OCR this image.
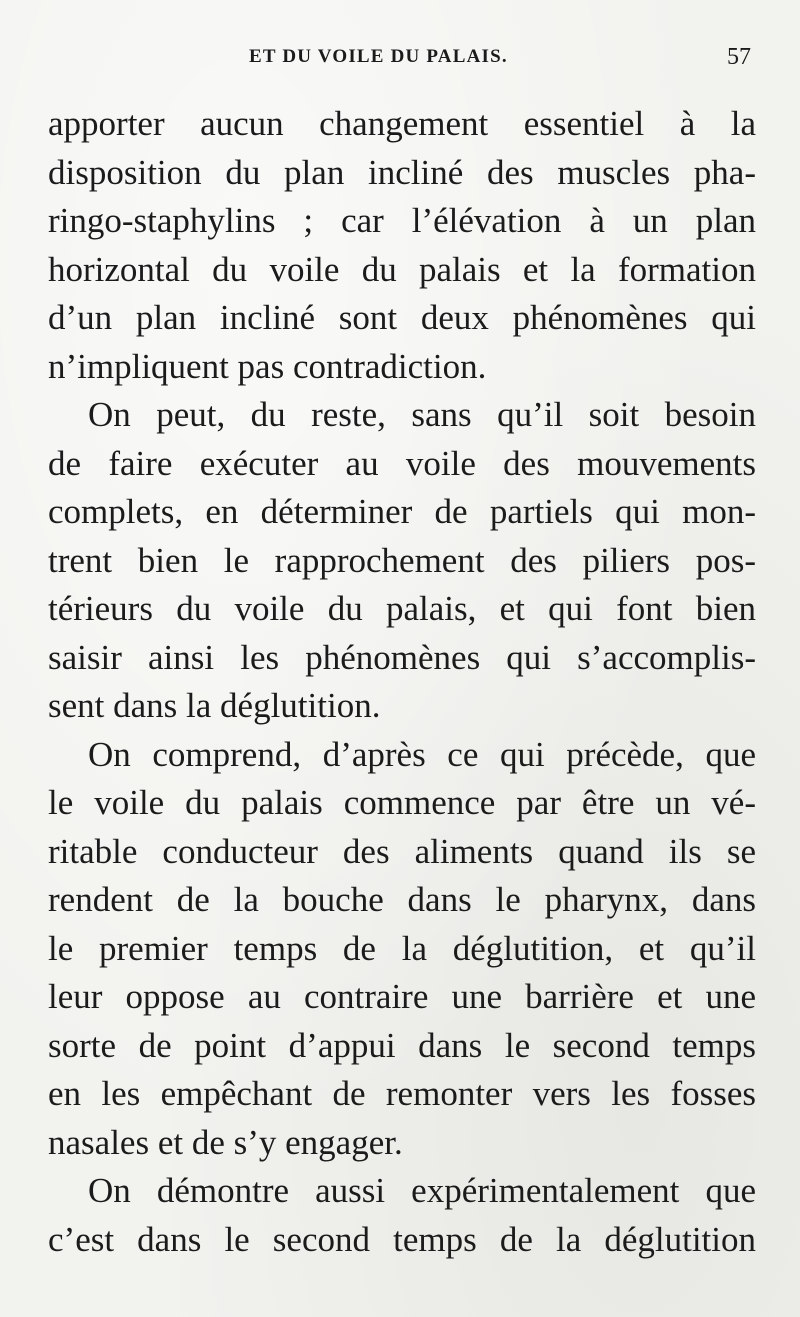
ET DU VOILE DU PALAIS.	57
apporter aucun changement essentiel à la
disposition du plan incliné des muscles pha-
ringo-staphylins ; car l’élévation à un plan
horizontal du voile du palais et la formation
d’un plan incliné sont deux phénomènes qui
n’impliquent pas contradiction.
On peut, du reste, sans qu’il soit besoin
de faire exécuter au voile des mouvements
complets, en déterminer de partiels qui mon-
trent bien le rapprochement des piliers pos-
térieurs du voile du palais, et qui font bien
saisir ainsi les phénomènes qui s’accomplis-
sent dans la déglutition.
On comprend, d’après ce qui précède, que
le voile du palais commence par être un vé-
ritable conducteur des aliments quand ils se
rendent de la bouche dans le pharynx, dans
le premier temps de la déglutition, et qu’il
leur oppose au contraire une barrière et une
sorte de point d’appui dans le second temps
en les empêchant de remonter vers les fosses
nasales et de s’y engager.
On démontre aussi expérimentalement que
c’est dans le second temps de la déglutition
